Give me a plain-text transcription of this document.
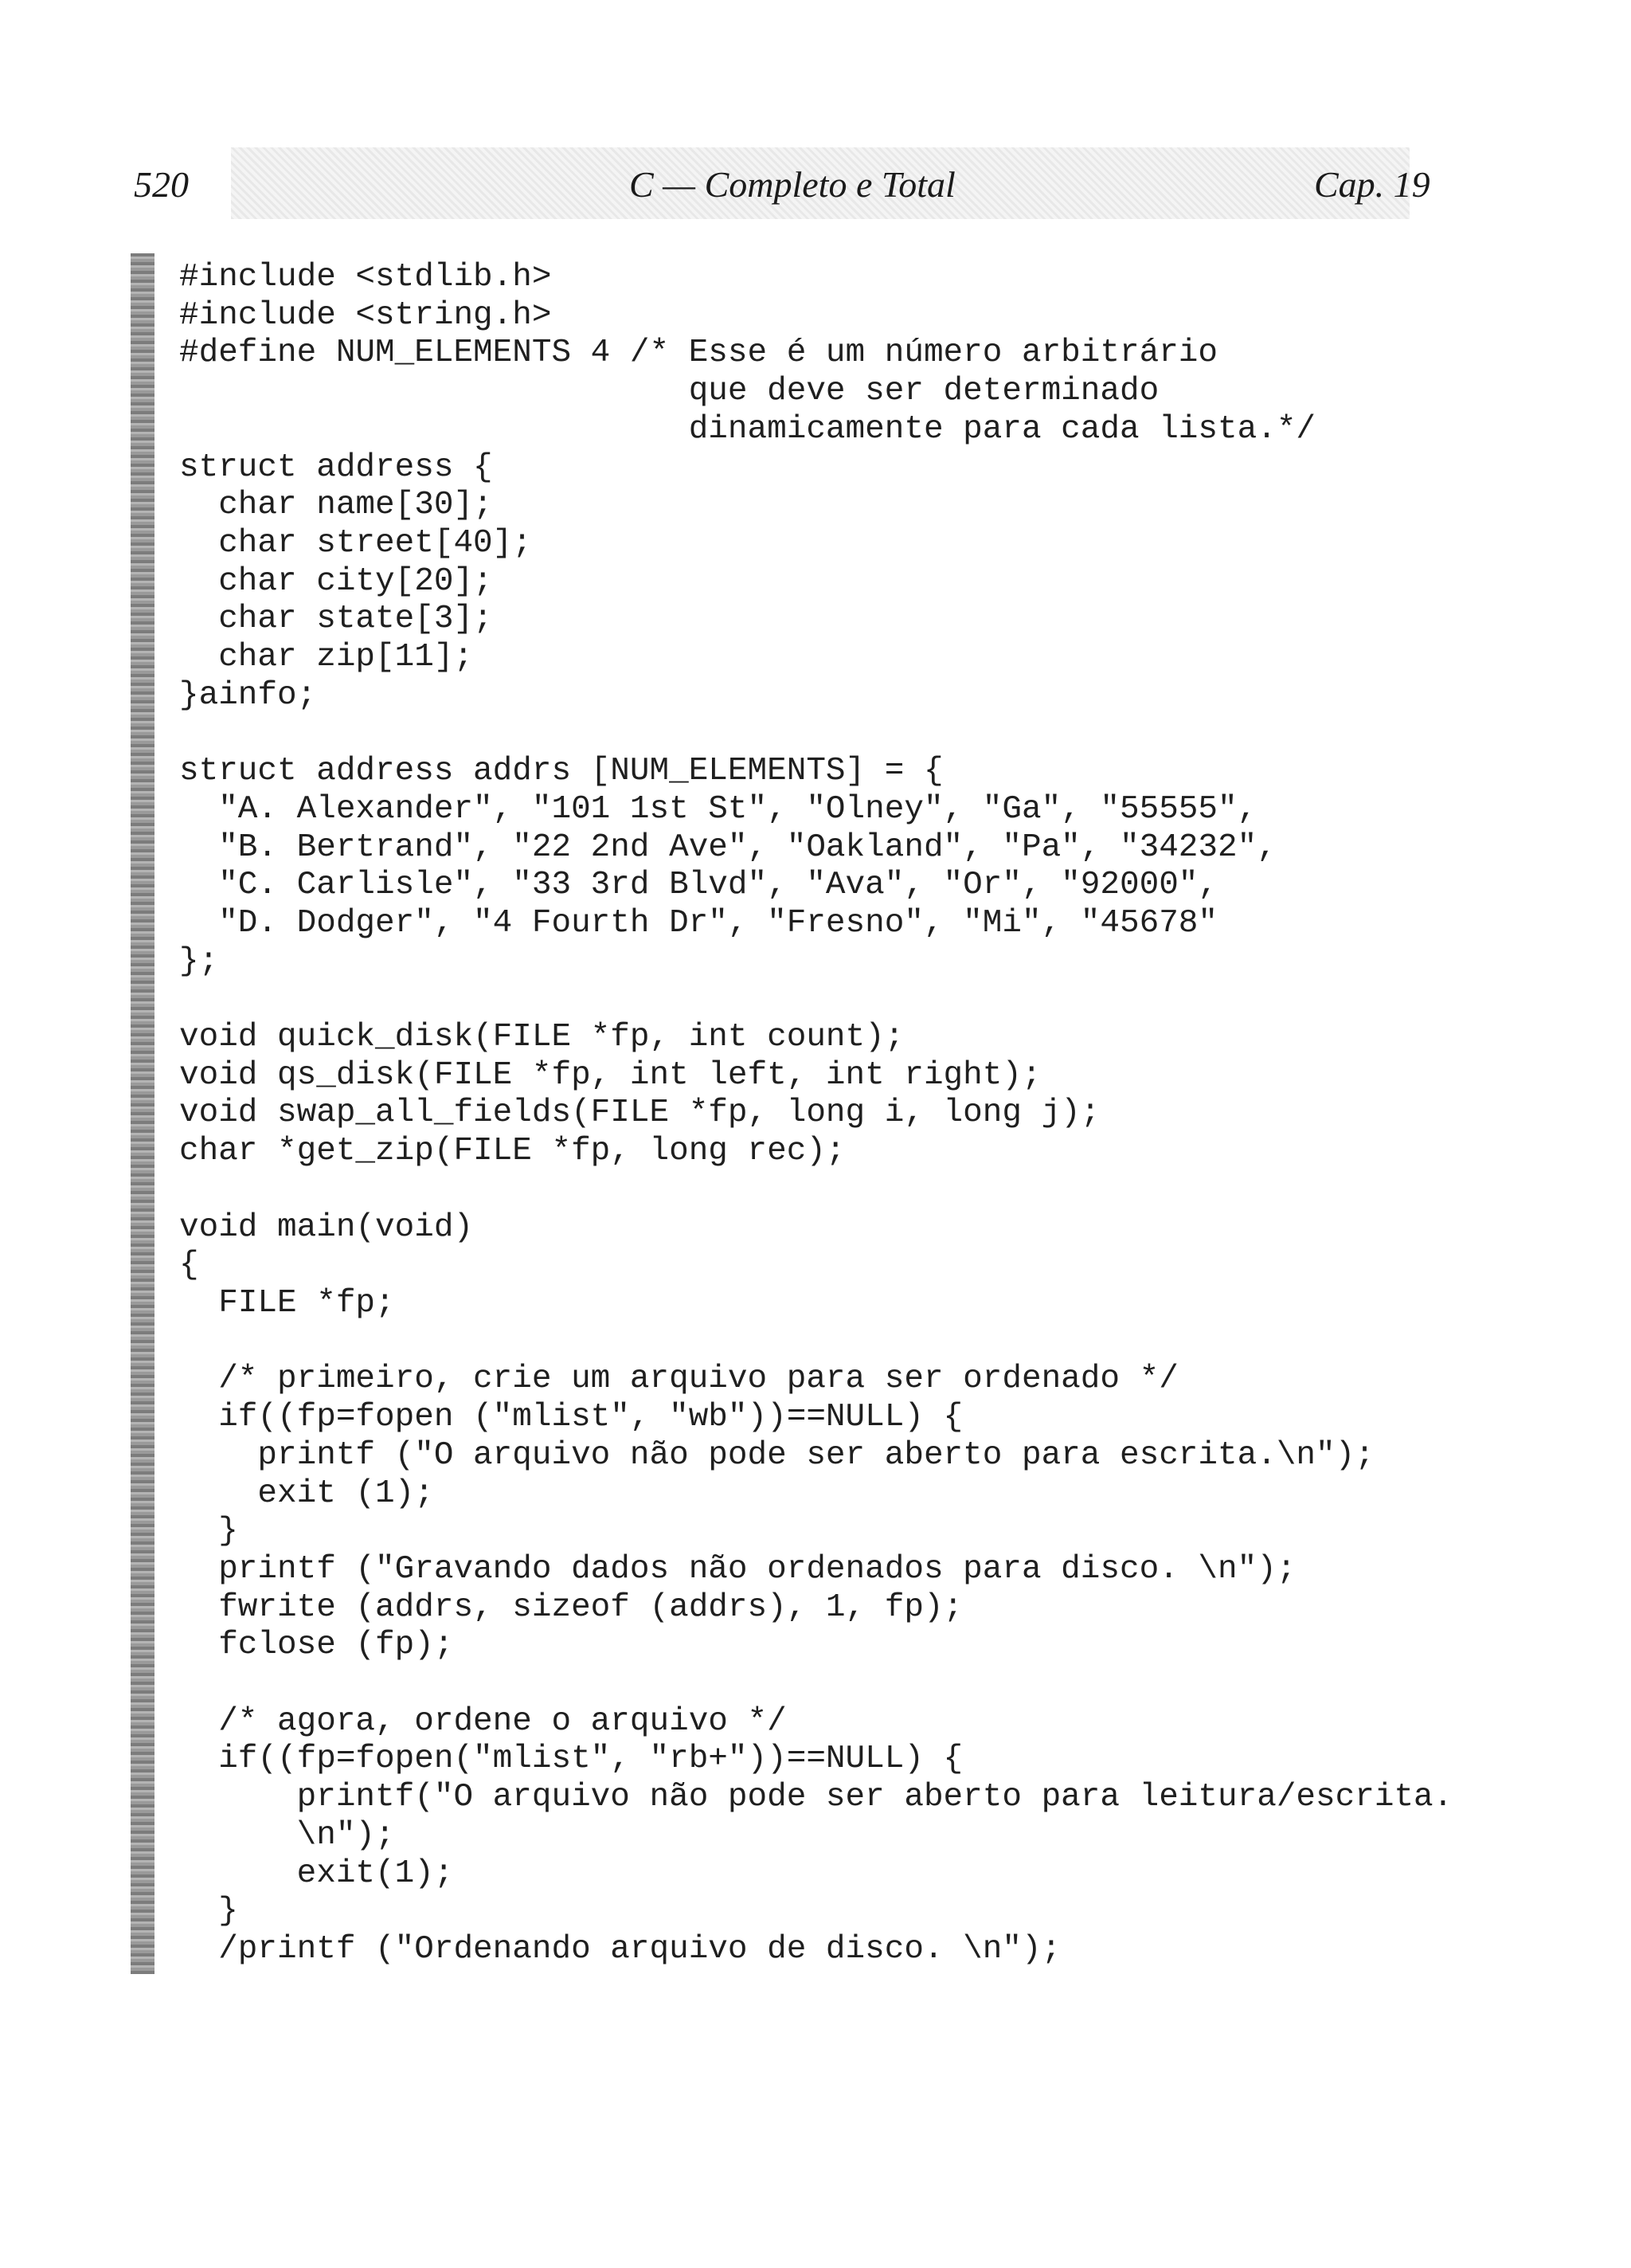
520	C — Completo e Total	Cap. 19
#include <stdlib.h>
#include <string.h>
#define NUM_ELEMENTS 4 /* Esse é um número arbitrário
que deve ser determinado
dinamicamente para cada lista.*/
struct address {
char name[30];
char street[40];
char city[20];
char state[3];
char zip[11];
}ainfo;

struct address addrs [NUM_ELEMENTS] = {
"A. Alexander", "101 1st St", "Olney", "Ga", "55555",
"B. Bertrand", "22 2nd Ave", "Oakland", "Pa", "34232",
"C. Carlisle", "33 3rd Blvd", "Ava", "Or", "92000",
"D. Dodger", "4 Fourth Dr", "Fresno", "Mi", "45678"
};

void quick_disk(FILE *fp, int count);
void qs_disk(FILE *fp, int left, int right);
void swap_all_fields(FILE *fp, long i, long j);
char *get_zip(FILE *fp, long rec);

void main(void)
{
FILE *fp;

/* primeiro, crie um arquivo para ser ordenado */
if((fp=fopen ("mlist", "wb"))==NULL) {
printf ("O arquivo não pode ser aberto para escrita.\n");
exit (1);
}
printf ("Gravando dados não ordenados para disco. \n");
fwrite (addrs, sizeof (addrs), 1, fp);
fclose (fp);

/* agora, ordene o arquivo */
if((fp=fopen("mlist", "rb+"))==NULL) {
printf("O arquivo não pode ser aberto para leitura/escrita.
\n");
exit(1);
}
/printf ("Ordenando arquivo de disco. \n");
